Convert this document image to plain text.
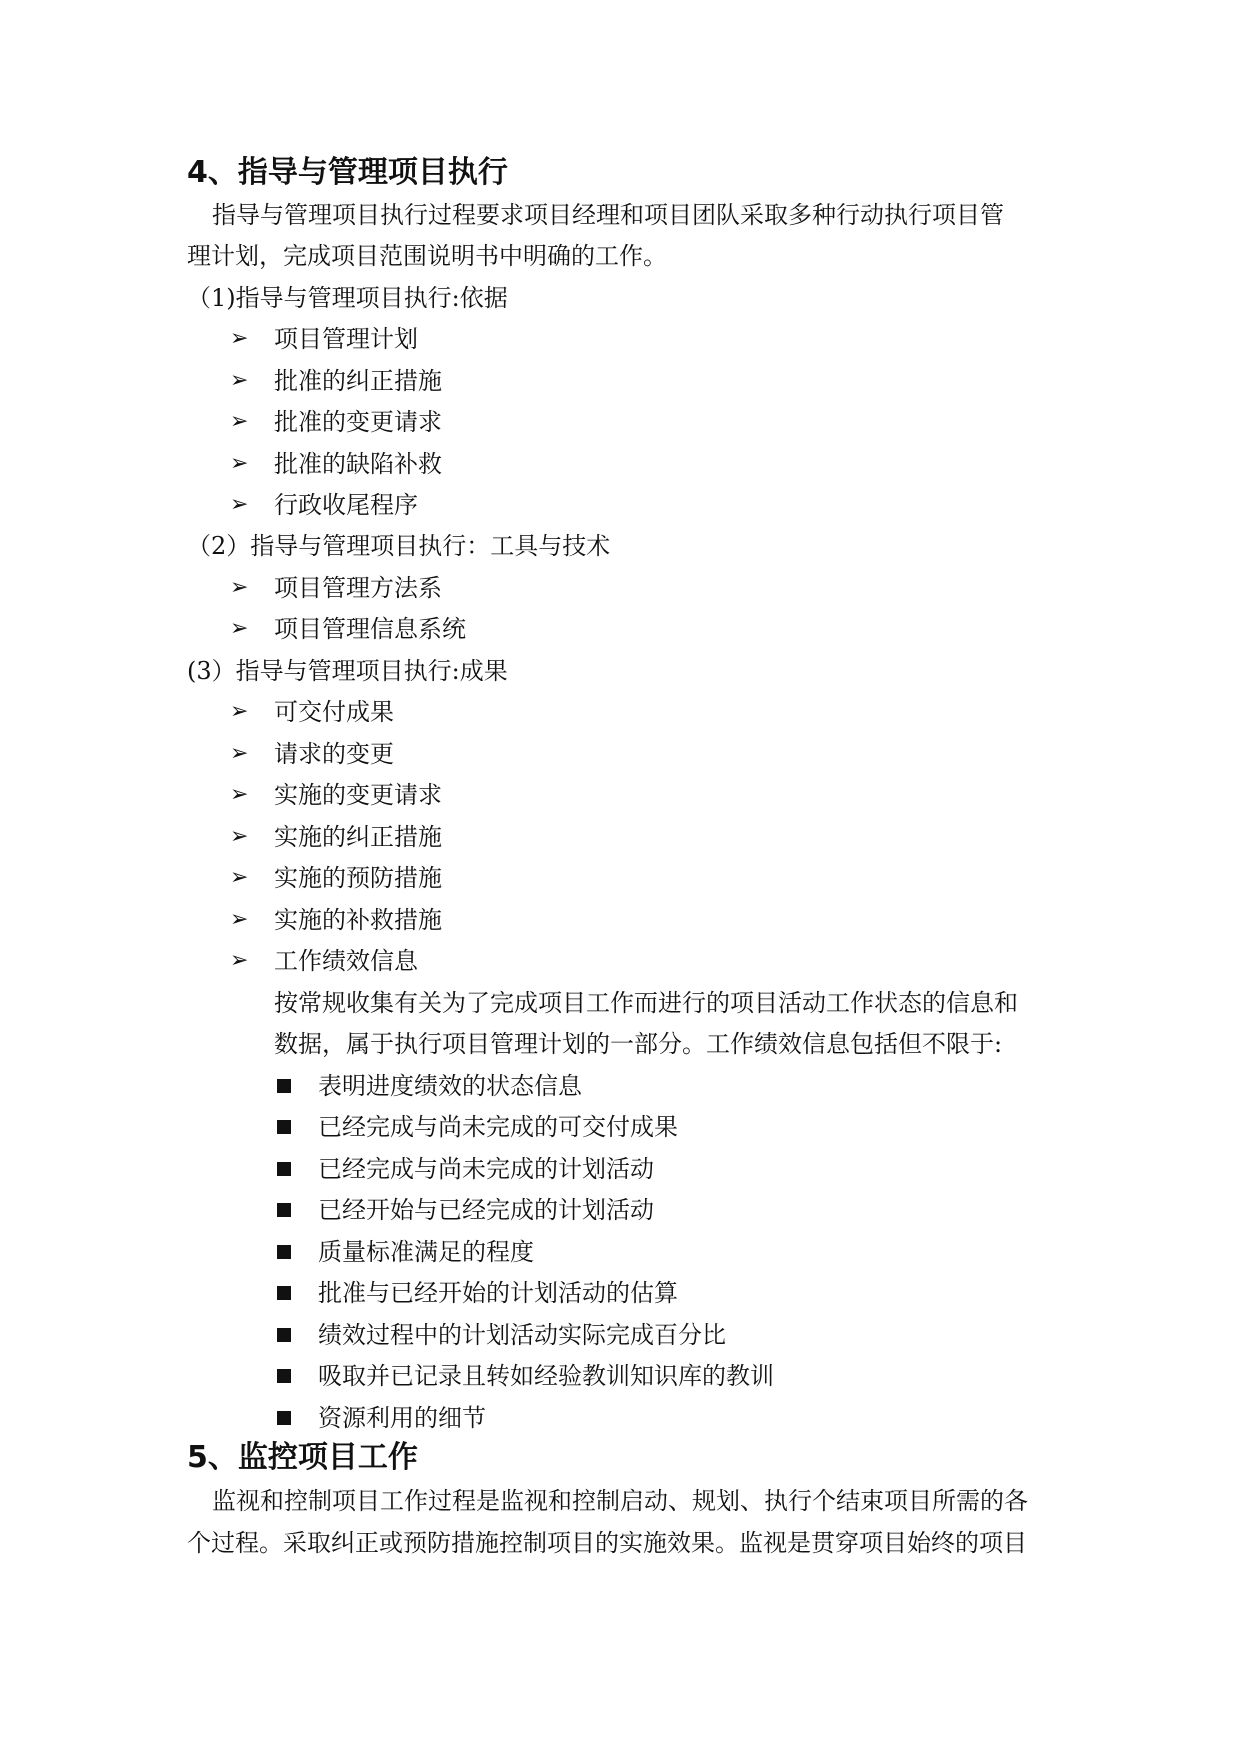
4、指导与管理项目执行
指导与管理项目执行过程要求项目经理和项目团队采取多种行动执行项目管
理计划，完成项目范围说明书中明确的工作。
（1)指导与管理项目执行:依据
➢ 项目管理计划
➢ 批准的纠正措施
➢ 批准的变更请求
➢ 批准的缺陷补救
➢ 行政收尾程序
（2）指导与管理项目执行：工具与技术
➢ 项目管理方法系
➢ 项目管理信息系统
(3）指导与管理项目执行:成果
➢ 可交付成果
➢ 请求的变更
➢ 实施的变更请求
➢ 实施的纠正措施
➢ 实施的预防措施
➢ 实施的补救措施
➢ 工作绩效信息
按常规收集有关为了完成项目工作而进行的项目活动工作状态的信息和
数据，属于执行项目管理计划的一部分。工作绩效信息包括但不限于:
表明进度绩效的状态信息
已经完成与尚未完成的可交付成果
已经完成与尚未完成的计划活动
已经开始与已经完成的计划活动
质量标准满足的程度
批准与已经开始的计划活动的估算
绩效过程中的计划活动实际完成百分比
吸取并已记录且转如经验教训知识库的教训
资源利用的细节
5、监控项目工作
监视和控制项目工作过程是监视和控制启动、规划、执行个结束项目所需的各
个过程。采取纠正或预防措施控制项目的实施效果。监视是贯穿项目始终的项目
